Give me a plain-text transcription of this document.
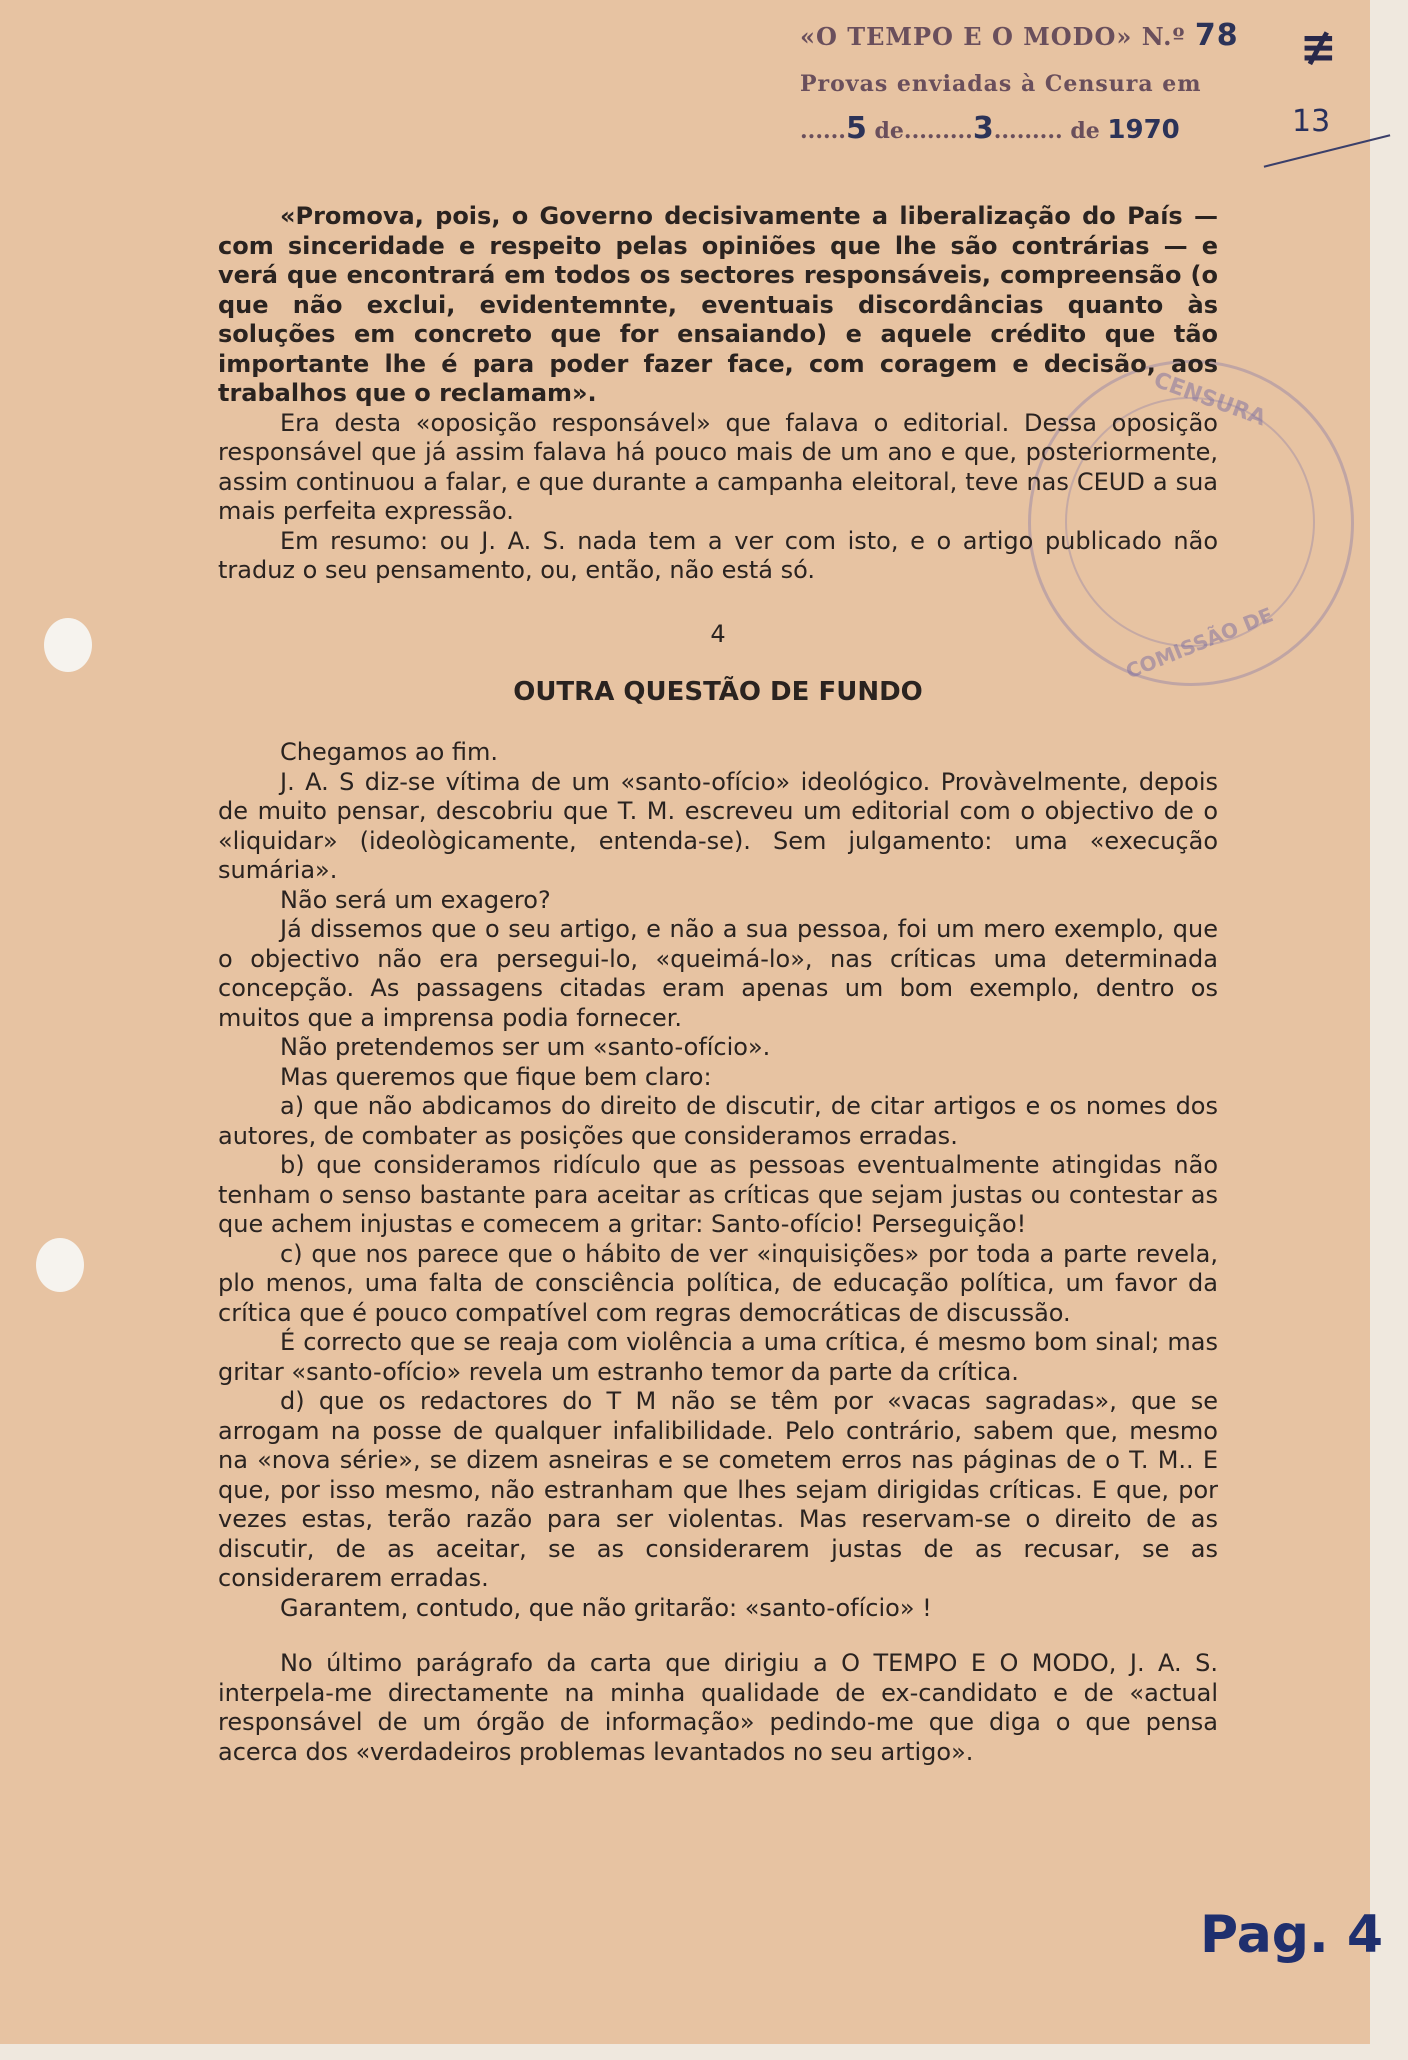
«O TEMPO E O MODO» N.º 78
Provas enviadas à Censura em
......5 de.........3......... de 1970
≢
13
CENSURA
COMISSÃO DE

«Promova, pois, o Governo decisivamente a liberalização do País — com sinceridade e respeito pelas opiniões que lhe são contrárias — e verá que encontrará em todos os sectores responsáveis, compreensão (o que não exclui, evidentemnte, eventuais discordâncias quanto às soluções em concreto que for ensaiando) e aquele crédito que tão importante lhe é para poder fazer face, com coragem e decisão, aos trabalhos que o reclamam».

Era desta «oposição responsável» que falava o editorial. Dessa oposição responsável que já assim falava há pouco mais de um ano e que, posteriormente, assim continuou a falar, e que durante a campanha eleitoral, teve nas CEUD a sua mais perfeita expressão.

Em resumo: ou J. A. S. nada tem a ver com isto, e o artigo publicado não traduz o seu pensamento, ou, então, não está só.

4
OUTRA QUESTÃO DE FUNDO

Chegamos ao fim.

J. A. S diz-se vítima de um «santo-ofício» ideológico. Provàvelmente, depois de muito pensar, descobriu que T. M. escreveu um editorial com o objectivo de o «liquidar» (ideològicamente, entenda-se). Sem julgamento: uma «execução sumária».

Não será um exagero?

Já dissemos que o seu artigo, e não a sua pessoa, foi um mero exemplo, que o objectivo não era persegui-lo, «queimá-lo», nas críticas uma determinada concepção. As passagens citadas eram apenas um bom exemplo, dentro os muitos que a imprensa podia fornecer.

Não pretendemos ser um «santo-ofício».

Mas queremos que fique bem claro:

a) que não abdicamos do direito de discutir, de citar artigos e os nomes dos autores, de combater as posições que consideramos erradas.

b) que consideramos ridículo que as pessoas eventualmente atingidas não tenham o senso bastante para aceitar as críticas que sejam justas ou contestar as que achem injustas e comecem a gritar: Santo-ofício! Perseguição!

c) que nos parece que o hábito de ver «inquisições» por toda a parte revela, plo menos, uma falta de consciência política, de educação política, um favor da crítica que é pouco compatível com regras democráticas de discussão.

É correcto que se reaja com violência a uma crítica, é mesmo bom sinal; mas gritar «santo-ofício» revela um estranho temor da parte da crítica.

d) que os redactores do T M não se têm por «vacas sagradas», que se arrogam na posse de qualquer infalibilidade. Pelo contrário, sabem que, mesmo na «nova série», se dizem asneiras e se cometem erros nas páginas de o T. M.. E que, por isso mesmo, não estranham que lhes sejam dirigidas críticas. E que, por vezes estas, terão razão para ser violentas. Mas reservam-se o direito de as discutir, de as aceitar, se as considerarem justas de as recusar, se as considerarem erradas.

Garantem, contudo, que não gritarão: «santo-ofício» !

No último parágrafo da carta que dirigiu a O TEMPO E O MODO, J. A. S. interpela-me directamente na minha qualidade de ex-candidato e de «actual responsável de um órgão de informação» pedindo-me que diga o que pensa acerca dos «verdadeiros problemas levantados no seu artigo».

Pag. 4
